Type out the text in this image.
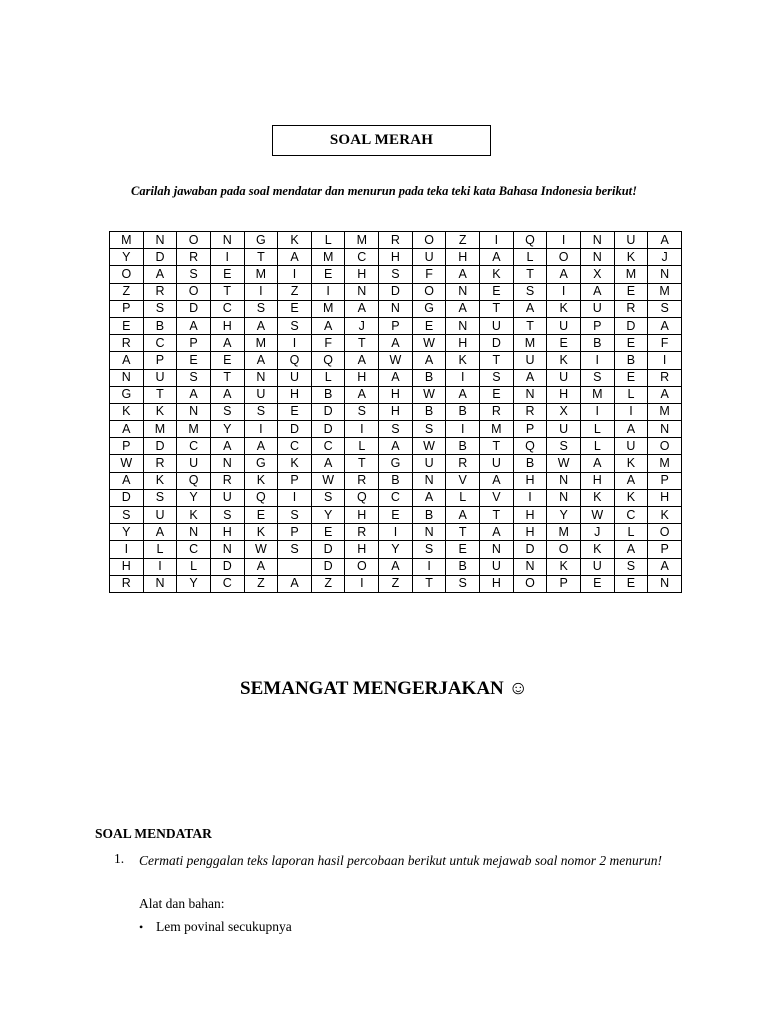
SOAL MERAH
Carilah jawaban pada soal mendatar dan menurun pada teka teki kata Bahasa Indonesia berikut!
M	N	O	N	G	K	L	M	R	O	Z	I	Q	I	N	U	A
Y	D	R	I	T	A	M	C	H	U	H	A	L	O	N	K	J
O	A	S	E	M	I	E	H	S	F	A	K	T	A	X	M	N
Z	R	O	T	I	Z	I	N	D	O	N	E	S	I	A	E	M
P	S	D	C	S	E	M	A	N	G	A	T	A	K	U	R	S
E	B	A	H	A	S	A	J	P	E	N	U	T	U	P	D	A
R	C	P	A	M	I	F	T	A	W	H	D	M	E	B	E	F
A	P	E	E	A	Q	Q	A	W	A	K	T	U	K	I	B	I
N	U	S	T	N	U	L	H	A	B	I	S	A	U	S	E	R
G	T	A	A	U	H	B	A	H	W	A	E	N	H	M	L	A
K	K	N	S	S	E	D	S	H	B	B	R	R	X	I	I	M
A	M	M	Y	I	D	D	I	S	S	I	M	P	U	L	A	N
P	D	C	A	A	C	C	L	A	W	B	T	Q	S	L	U	O
W	R	U	N	G	K	A	T	G	U	R	U	B	W	A	K	M
A	K	Q	R	K	P	W	R	B	N	V	A	H	N	H	A	P
D	S	Y	U	Q	I	S	Q	C	A	L	V	I	N	K	K	H
S	U	K	S	E	S	Y	H	E	B	A	T	H	Y	W	C	K
Y	A	N	H	K	P	E	R	I	N	T	A	H	M	J	L	O
I	L	C	N	W	S	D	H	Y	S	E	N	D	O	K	A	P
H	I	L	D	A		D	O	A	I	B	U	N	K	U	S	A
R	N	Y	C	Z	A	Z	I	Z	T	S	H	O	P	E	E	N
SEMANGAT MENGERJAKAN ☺
SOAL MENDATAR
1. Cermati penggalan teks laporan hasil percobaan berikut untuk mejawab soal nomor 2 menurun!
Alat dan bahan:
• Lem povinal secukupnya
